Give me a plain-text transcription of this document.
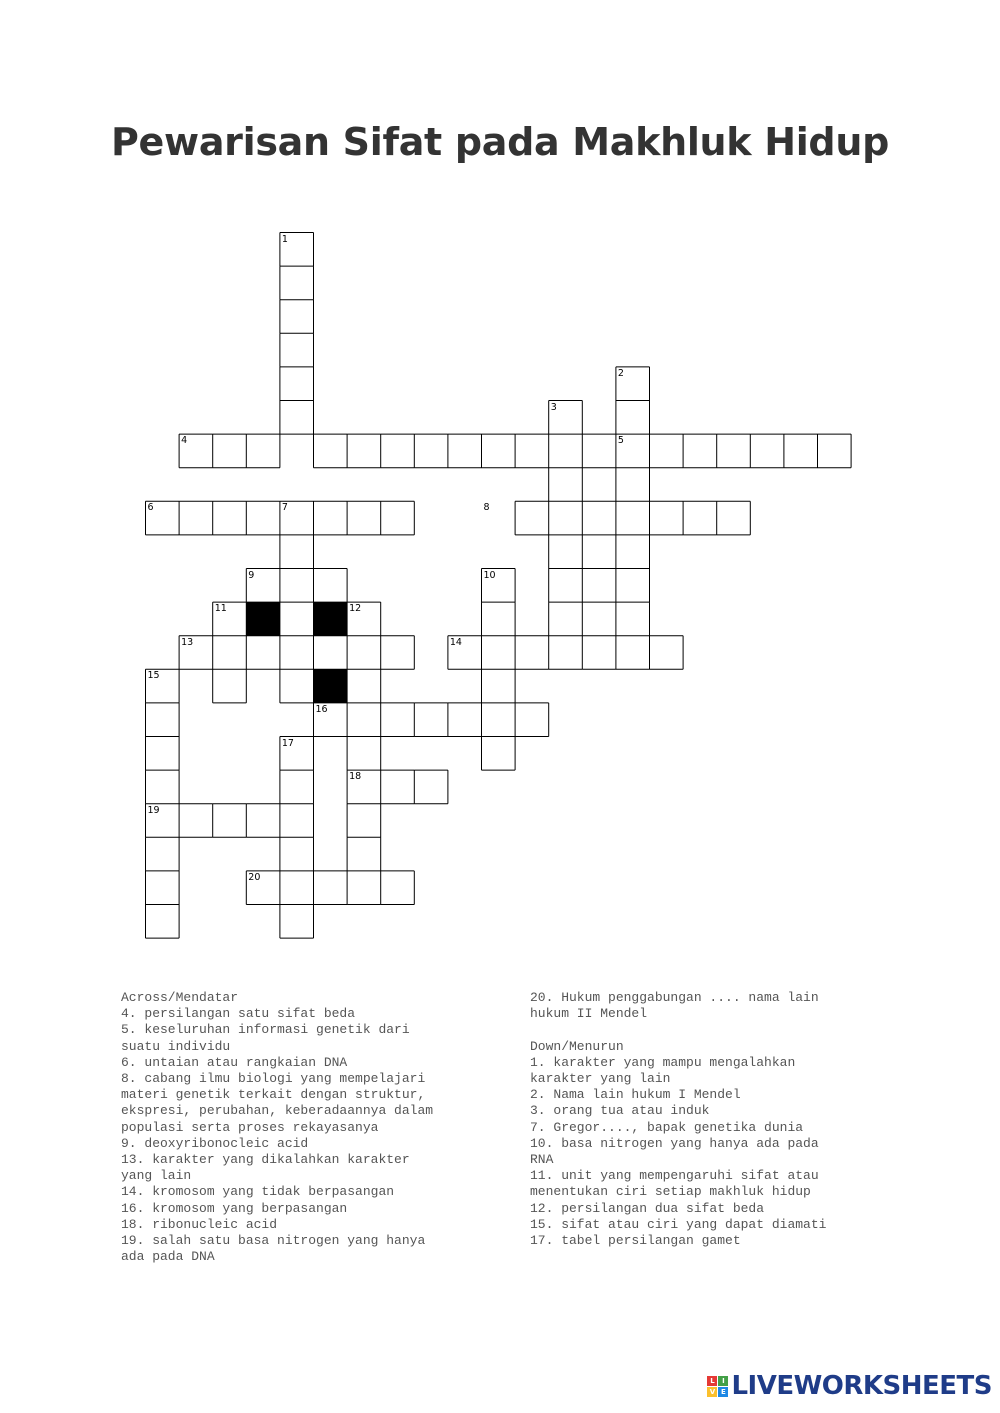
Pewarisan Sifat pada Makhluk Hidup
1
2
3
4	5
6	7	8
9	10
11	12
13	14
15
16
17
18
19
20
Across/Mendatar
4. persilangan satu sifat beda
5. keseluruhan informasi genetik dari
suatu individu
6. untaian atau rangkaian DNA
8. cabang ilmu biologi yang mempelajari
materi genetik terkait dengan struktur,
ekspresi, perubahan, keberadaannya dalam
populasi serta proses rekayasanya
9. deoxyribonocleic acid
13. karakter yang dikalahkan karakter
yang lain
14. kromosom yang tidak berpasangan
16. kromosom yang berpasangan
18. ribonucleic acid
19. salah satu basa nitrogen yang hanya
ada pada DNA
20. Hukum penggabungan .... nama lain
hukum II Mendel
Down/Menurun
1. karakter yang mampu mengalahkan
karakter yang lain
2. Nama lain hukum I Mendel
3. orang tua atau induk
7. Gregor...., bapak genetika dunia
10. basa nitrogen yang hanya ada pada
RNA
11. unit yang mempengaruhi sifat atau
menentukan ciri setiap makhluk hidup
12. persilangan dua sifat beda
15. sifat atau ciri yang dapat diamati
17. tabel persilangan gamet
L	I
V E LIVEWORKSHEETS
